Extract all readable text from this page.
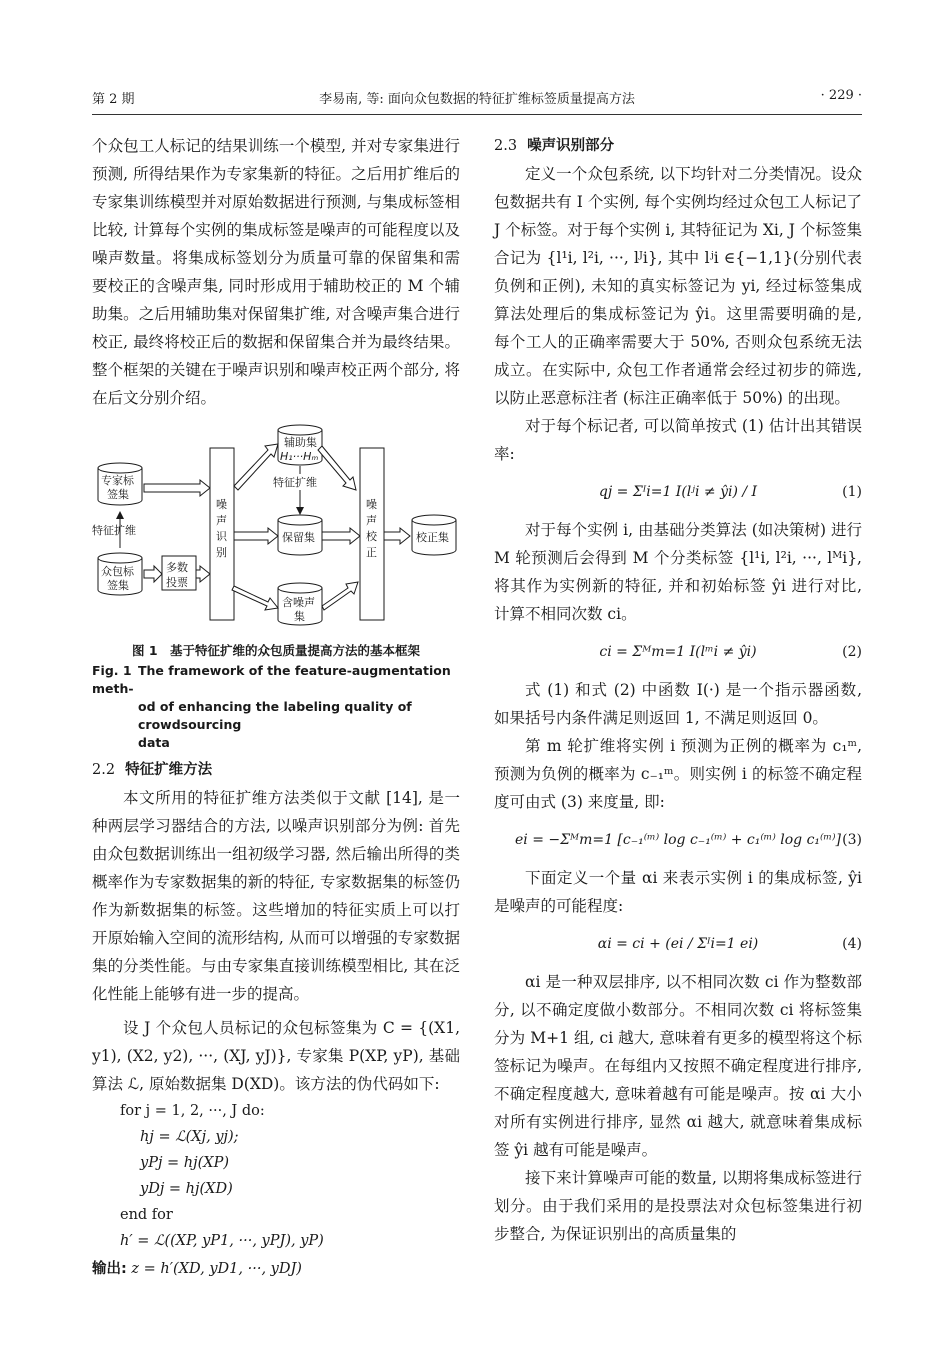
第 2 期	李易南, 等: 面向众包数据的特征扩维标签质量提高方法	· 229 ·

个众包工人标记的结果训练一个模型, 并对专家集进行预测, 所得结果作为专家集新的特征。之后用扩维后的专家集训练模型并对原始数据进行预测, 与集成标签相比较, 计算每个实例的集成标签是噪声的可能程度以及噪声数量。将集成标签划分为质量可靠的保留集和需要校正的含噪声集, 同时形成用于辅助校正的 M 个辅助集。之后用辅助集对保留集扩维, 对含噪声集合进行校正, 最终将校正后的数据和保留集合并为最终结果。整个框架的关键在于噪声识别和噪声校正两个部分, 将在后文分别介绍。

专家标
签集
特征扩维
众包标
签集
多数
投票
噪
声
识
别
辅助集
H₁···Hₘ
特征扩维
保留集
含噪声
集
噪
声
校
正
校正集
图 1　基于特征扩维的众包质量提高方法的基本框架
Fig. 1 The framework of the feature-augmentation meth-
od of enhancing the labeling quality of crowdsourcing
data
2.2 特征扩维方法

本文所用的特征扩维方法类似于文献 [14], 是一种两层学习器结合的方法, 以噪声识别部分为例: 首先由众包数据训练出一组初级学习器, 然后输出所得的类概率作为专家数据集的新的特征, 专家数据集的标签仍作为新数据集的标签。这些增加的特征实质上可以打开原始输入空间的流形结构, 从而可以增强的专家数据集的分类性能。与由专家集直接训练模型相比, 其在泛化性能上能够有进一步的提高。

设 J 个众包人员标记的众包标签集为 C = {(X1, y1), (X2, y2), ···, (XJ, yJ)}, 专家集 P(XP, yP), 基础算法 ℒ, 原始数据集 D(XD)。该方法的伪代码如下:

for j = 1, 2, ···, J do:
hj = ℒ(Xj, yj);
yPj = hj(XP)
yDj = hj(XD)
end for
h′ = ℒ((XP, yP1, ···, yPJ), yP)
输出: z = h′(XD, yD1, ···, yDJ)
2.3 噪声识别部分

定义一个众包系统, 以下均针对二分类情况。设众包数据共有 I 个实例, 每个实例均经过众包工人标记了 J 个标签。对于每个实例 i, 其特征记为 Xi, J 个标签集合记为 {l¹i, l²i, ···, lᴶi}, 其中 lʲi ∈{−1,1}(分别代表负例和正例), 未知的真实标签记为 yi, 经过标签集成算法处理后的集成标签记为 ŷi。这里需要明确的是, 每个工人的正确率需要大于 50%, 否则众包系统无法成立。在实际中, 众包工作者通常会经过初步的筛选, 以防止恶意标注者 (标注正确率低于 50%) 的出现。

对于每个标记者, 可以简单按式 (1) 估计出其错误率:

qj = Σᴵi=1 I(lʲi ≠ ŷi) / I	(1)

对于每个实例 i, 由基础分类算法 (如决策树) 进行 M 轮预测后会得到 M 个分类标签 {l¹i, l²i, ···, lᴹi}, 将其作为实例新的特征, 并和初始标签 ŷi 进行对比, 计算不相同次数 ci。

ci = Σᴹm=1 I(lᵐi ≠ ŷi)	(2)

式 (1) 和式 (2) 中函数 I(·) 是一个指示器函数, 如果括号内条件满足则返回 1, 不满足则返回 0。

第 m 轮扩维将实例 i 预测为正例的概率为 c₁ᵐ, 预测为负例的概率为 c₋₁ᵐ。则实例 i 的标签不确定程度可由式 (3) 来度量, 即:

ei = −Σᴹm=1 [c₋₁⁽ᵐ⁾ log c₋₁⁽ᵐ⁾ + c₁⁽ᵐ⁾ log c₁⁽ᵐ⁾] (3)

下面定义一个量 αi 来表示实例 i 的集成标签, ŷi 是噪声的可能程度:

αi = ci + (ei / Σᴵi=1 ei)	(4)

αi 是一种双层排序, 以不相同次数 ci 作为整数部分, 以不确定度做小数部分。不相同次数 ci 将标签集分为 M+1 组, ci 越大, 意味着有更多的模型将这个标签标记为噪声。在每组内又按照不确定程度进行排序, 不确定程度越大, 意味着越有可能是噪声。按 αi 大小对所有实例进行排序, 显然 αi 越大, 就意味着集成标签 ŷi 越有可能是噪声。

接下来计算噪声可能的数量, 以期将集成标签进行划分。由于我们采用的是投票法对众包标签集进行初步整合, 为保证识别出的高质量集的
